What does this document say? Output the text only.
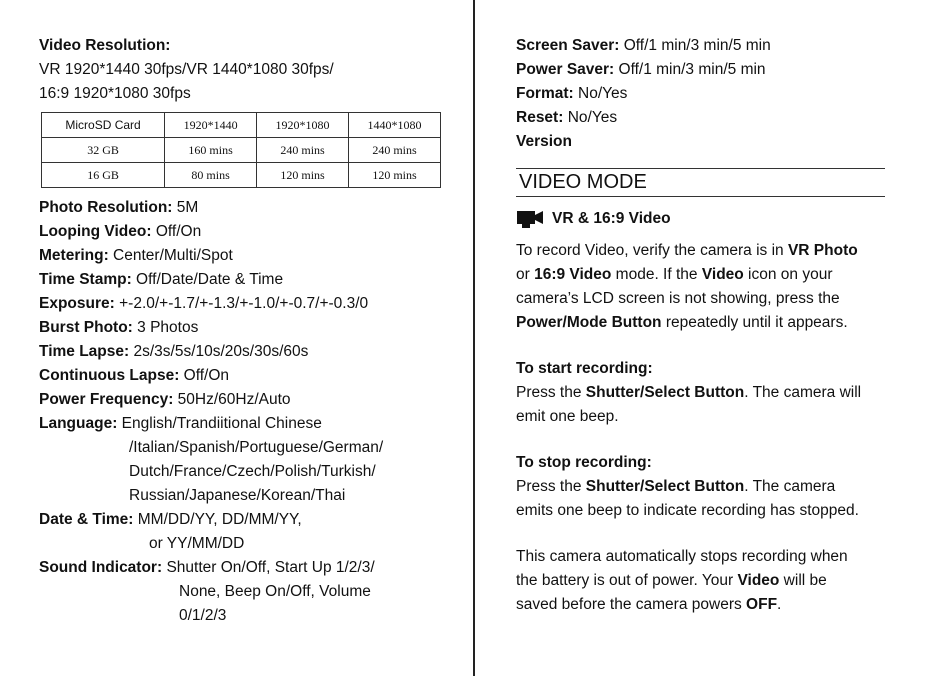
Video Resolution:
VR 1920*1440 30fps/VR 1440*1080 30fps/
16:9 1920*1080 30fps
MicroSD Card	1920*1440	1920*1080	1440*1080
32 GB	160 mins	240 mins	240 mins
16 GB	80 mins	120 mins	120 mins
Photo Resolution: 5M
Looping Video: Off/On
Metering: Center/Multi/Spot
Time Stamp: Off/Date/Date & Time
Exposure: +-2.0/+-1.7/+-1.3/+-1.0/+-0.7/+-0.3/0
Burst Photo: 3 Photos
Time Lapse: 2s/3s/5s/10s/20s/30s/60s
Continuous Lapse: Off/On
Power Frequency: 50Hz/60Hz/Auto
Language: English/Trandiitional Chinese
/Italian/Spanish/Portuguese/German/
Dutch/France/Czech/Polish/Turkish/
Russian/Japanese/Korean/Thai
Date & Time: MM/DD/YY, DD/MM/YY,
or YY/MM/DD
Sound Indicator: Shutter On/Off, Start Up 1/2/3/
None, Beep On/Off, Volume
0/1/2/3
Screen Saver: Off/1 min/3 min/5 min
Power Saver: Off/1 min/3 min/5 min
Format: No/Yes
Reset: No/Yes
Version
VIDEO MODE
VR & 16:9 Video
To record Video, verify the camera is in VR Photo
or 16:9 Video mode. If the Video icon on your
camera’s LCD screen is not showing, press the
Power/Mode Button repeatedly until it appears.
To start recording:
Press the Shutter/Select Button. The camera will
emit one beep.
To stop recording:
Press the Shutter/Select Button. The camera
emits one beep to indicate recording has stopped.
This camera automatically stops recording when
the battery is out of power. Your Video will be
saved before the camera powers OFF.
